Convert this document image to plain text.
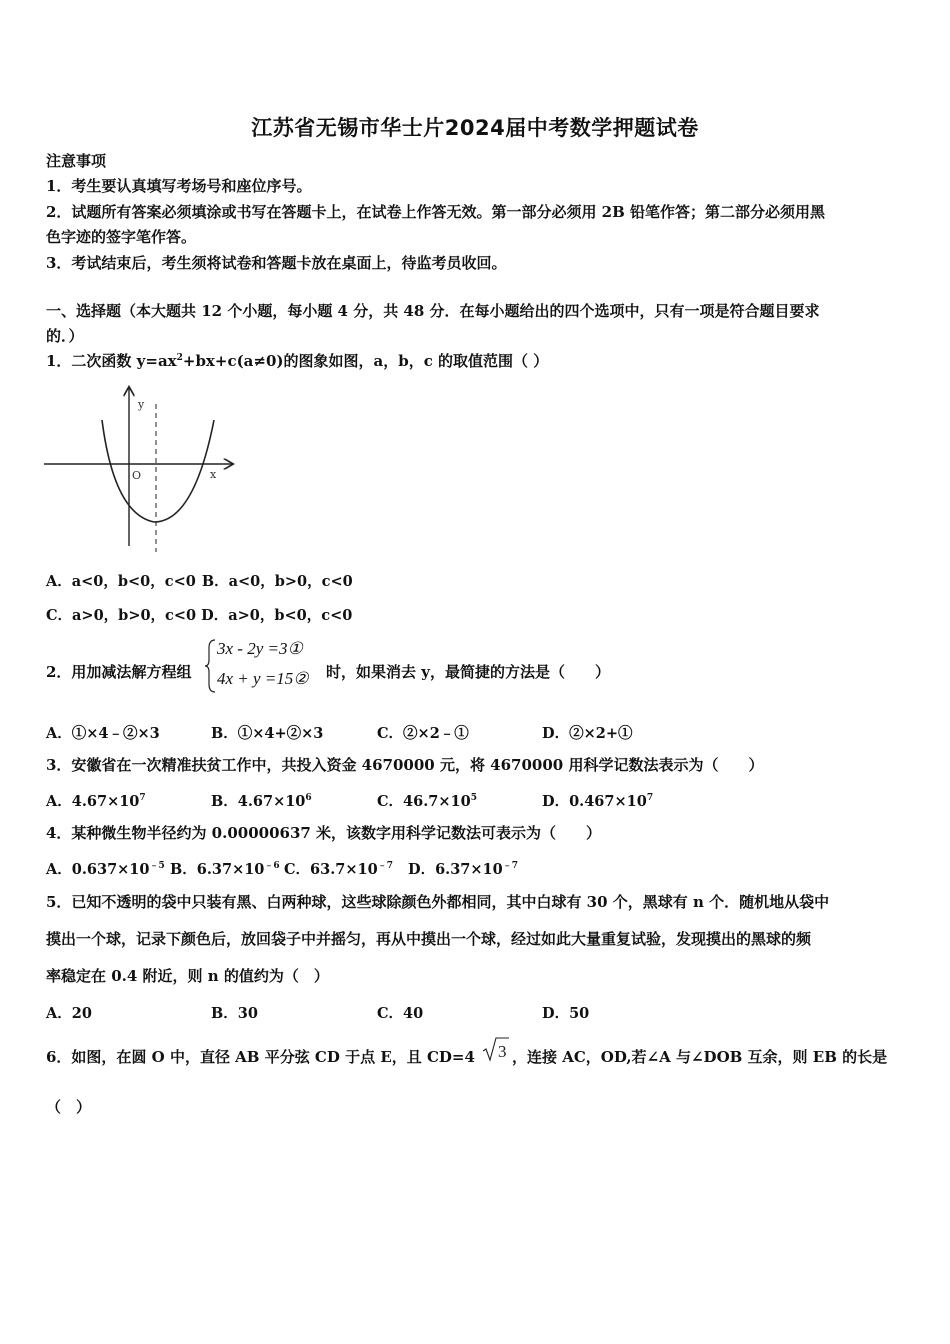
江苏省无锡市华士片2024届中考数学押题试卷
注意事项
1．考生要认真填写考场号和座位序号。
2．试题所有答案必须填涂或书写在答题卡上，在试卷上作答无效。第一部分必须用 2B 铅笔作答；第二部分必须用黑
色字迹的签字笔作答。
3．考试结束后，考生须将试卷和答题卡放在桌面上，待监考员收回。
一、选择题（本大题共 12 个小题，每小题 4 分，共 48 分．在每小题给出的四个选项中，只有一项是符合题目要求
的．）
1．二次函数 $y=ax^2+bx+c(a\ne 0)$的图象如图，a，b，c 的取值范围（ ）
y
x
O
A．a<0，b<0，c<0 B．a<0，b>0，c<0
C．a>0，b>0，c<0 D．a>0，b<0，c<0
2．用加减法解方程组
3x - 2y =3①
4x + y =15② 时，如果消去 y，最简捷的方法是（　　）
A．①×4﹣②×3	B．①×4+②×3	C．②×2﹣①	D．②×2+①
3．安徽省在一次精准扶贫工作中，共投入资金 4670000 元，将 4670000 用科学记数法表示为（　　）
A．$4.67\times 10^7$	B．$4.67\times 10^6$	C．$46.7\times 10^5$	D．$0.467\times 10^7$
4．某种微生物半径约为 0.00000637 米，该数字用科学记数法可表示为（　　）
A．$0.637\times 10^{﹣5}$ B．$6.37\times 10^{﹣6}$ C．$63.7\times 10^{﹣7}$ D．$6.37\times 10^{﹣7}$
5．已知不透明的袋中只装有黑、白两种球，这些球除颜色外都相同，其中白球有 30 个，黑球有 n 个．随机地从袋中
摸出一个球，记录下颜色后，放回袋子中并摇匀，再从中摸出一个球，经过如此大量重复试验，发现摸出的黑球的频
率稳定在 0.4 附近，则 n 的值约为（　）
A．20	B．30	C．40	D．50
6．如图，在圆 O 中，直径 AB 平分弦 CD 于点 E，且 CD=4 3 ，连接 AC，OD,若∠A 与∠DOB 互余，则 EB 的长是
（　）
